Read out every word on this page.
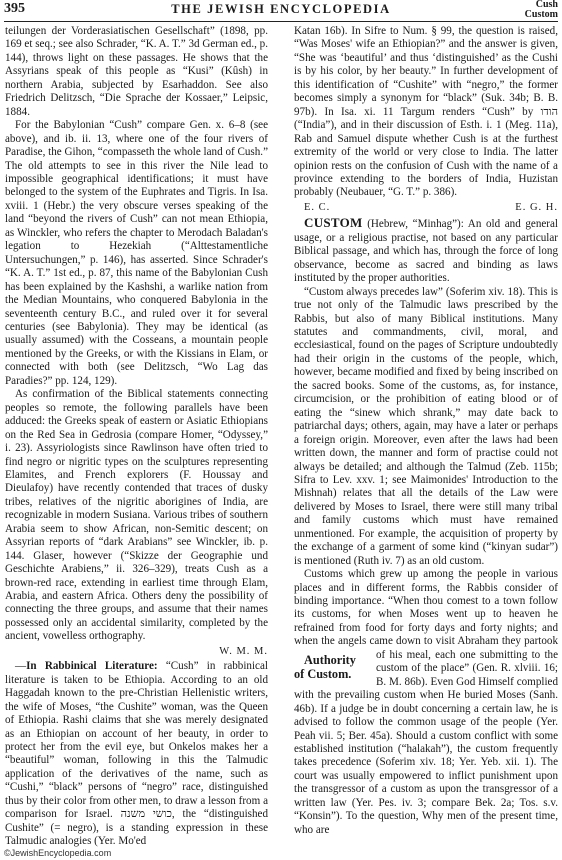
395	THE JEWISH ENCYCLOPEDIA	Cush
Custom

teilungen der Vorderasiatischen Gesellschaft” (1898, pp. 169 et seq.; see also Schrader, “K. A. T.” 3d German ed., p. 144), throws light on these passages. He shows that the Assyrians speak of this people as “Kusi” (Kûsh) in northern Arabia, subjected by Esarhaddon. See also Friedrich Delitzsch, “Die Sprache der Kossaer,” Leipsic, 1884.

For the Babylonian “Cush” compare Gen. x. 6–8 (see above), and ib. ii. 13, where one of the four rivers of Paradise, the Gihon, “compasseth the whole land of Cush.” The old attempts to see in this river the Nile lead to impossible geographical identifications; it must have belonged to the system of the Euphrates and Tigris. In Isa. xviii. 1 (Hebr.) the very obscure verses speaking of the land “beyond the rivers of Cush” can not mean Ethiopia, as Winckler, who refers the chapter to Merodach Baladan's legation to Hezekiah (“Alttestamentliche Untersuchungen,” p. 146), has asserted. Since Schrader's “K. A. T.” 1st ed., p. 87, this name of the Babylonian Cush has been explained by the Kashshi, a warlike nation from the Median Mountains, who conquered Babylonia in the seventeenth century B.C., and ruled over it for several centuries (see Babylonia). They may be identical (as usually assumed) with the Cosseans, a mountain people mentioned by the Greeks, or with the Kissians in Elam, or connected with both (see Delitzsch, “Wo Lag das Paradies?” pp. 124, 129).

As confirmation of the Biblical statements connecting peoples so remote, the following parallels have been adduced: the Greeks speak of eastern or Asiatic Ethiopians on the Red Sea in Gedrosia (compare Homer, “Odyssey,” i. 23). Assyriologists since Rawlinson have often tried to find negro or nigritic types on the sculptures representing Elamites, and French explorers (F. Houssay and Dieulafoy) have recently contended that traces of dusky tribes, relatives of the nigritic aborigines of India, are recognizable in modern Susiana. Various tribes of southern Arabia seem to show African, non-Semitic descent; on Assyrian reports of “dark Arabians” see Winckler, ib. p. 144. Glaser, however (“Skizze der Geographie und Geschichte Arabiens,” ii. 326–329), treats Cush as a brown-red race, extending in earliest time through Elam, Arabia, and eastern Africa. Others deny the possibility of connecting the three groups, and assume that their names possessed only an accidental similarity, completed by the ancient, vowelless orthography.

W. M. M.

—In Rabbinical Literature: “Cush” in rabbinical literature is taken to be Ethiopia. According to an old Haggadah known to the pre-Christian Hellenistic writers, the wife of Moses, “the Cushite” woman, was the Queen of Ethiopia. Rashi claims that she was merely designated as an Ethiopian on account of her beauty, in order to protect her from the evil eye, but Onkelos makes her a “beautiful” woman, following in this the Talmudic application of the derivatives of the name, such as “Cushi,” “black” persons of “negro” race, distinguished thus by their color from other men, to draw a lesson from a comparison for Israel. כושי משנה, the “distinguished Cushite” (= negro), is a standing expression in these Talmudic analogies (Yer. Mo'ed

Katan 16b). In Sifre to Num. § 99, the question is raised, “Was Moses' wife an Ethiopian?” and the answer is given, “She was ‘beautiful’ and thus ‘distinguished’ as the Cushi is by his color, by her beauty.” In further development of this identification of “Cushite” with “negro,” the former becomes simply a synonym for “black” (Suk. 34b; B. B. 97b). In Isa. xi. 11 Targum renders “Cush” by הודו (“India”), and in their discussion of Esth. i. 1 (Meg. 11a), Rab and Samuel dispute whether Cush is at the furthest extremity of the world or very close to India. The latter opinion rests on the confusion of Cush with the name of a province extending to the borders of India, Huzistan probably (Neubauer, “G. T.” p. 386).

E. C.	E. G. H.

CUSTOM (Hebrew, “Minhag”): An old and general usage, or a religious practise, not based on any particular Biblical passage, and which has, through the force of long observance, become as sacred and binding as laws instituted by the proper authorities.

“Custom always precedes law” (Soferim xiv. 18). This is true not only of the Talmudic laws prescribed by the Rabbis, but also of many Biblical institutions. Many statutes and commandments, civil, moral, and ecclesiastical, found on the pages of Scripture undoubtedly had their origin in the customs of the people, which, however, became modified and fixed by being inscribed on the sacred books. Some of the customs, as, for instance, circumcision, or the prohibition of eating blood or of eating the “sinew which shrank,” may date back to patriarchal days; others, again, may have a later or perhaps a foreign origin. Moreover, even after the laws had been written down, the manner and form of practise could not always be detailed; and although the Talmud (Zeb. 115b; Sifra to Lev. xxv. 1; see Maimonides' Introduction to the Mishnah) relates that all the details of the Law were delivered by Moses to Israel, there were still many tribal and family customs which must have remained unmentioned. For example, the acquisition of property by the exchange of a garment of some kind (“kinyan sudar”) is mentioned (Ruth iv. 7) as an old custom.

Customs which grew up among the people in various places and in different forms, the Rabbis consider of binding importance. “When thou comest to a town follow its customs, for when Moses went up to heaven he refrained from food for forty days and forty nights; and when the angels came down to visit Abraham they partook of his meal,
Authority of Custom.
each one submitting to the custom of the place” (Gen. R. xlviii. 16; B. M. 86b). Even God Himself complied with the prevailing custom when He buried Moses (Sanh. 46b). If a judge be in doubt concerning a certain law, he is advised to follow the common usage of the people (Yer. Peah vii. 5; Ber. 45a). Should a custom conflict with some established institution (“halakah”), the custom frequently takes precedence (Soferim xiv. 18; Yer. Yeb. xii. 1). The court was usually empowered to inflict punishment upon the transgressor of a custom as upon the transgressor of a written law (Yer. Pes. iv. 3; compare Bek. 2a; Tos. s.v. “Konsin”). To the question, Why men of the present time, who are

©JewishEncyclopedia.com
